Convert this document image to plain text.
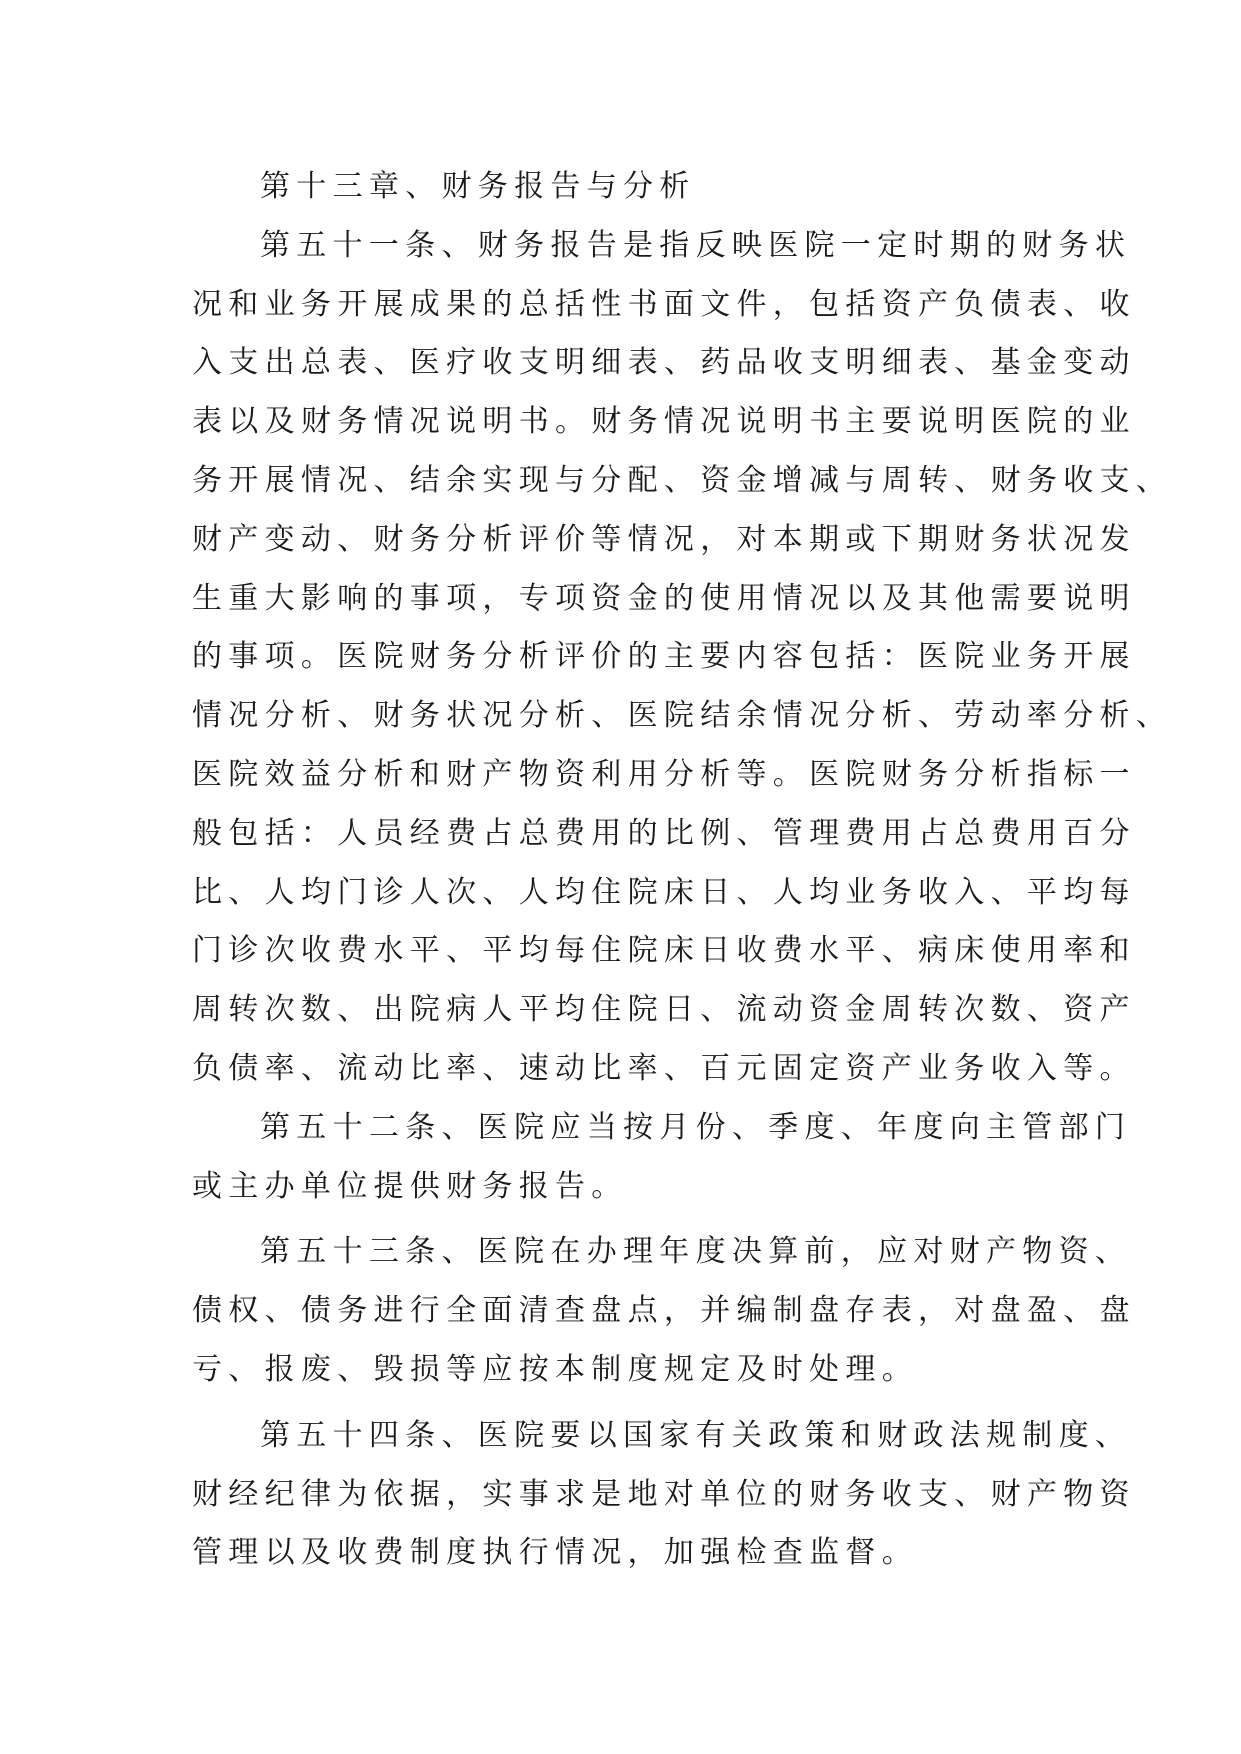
第十三章、财务报告与分析
第五十一条、财务报告是指反映医院一定时期的财务状
况和业务开展成果的总括性书面文件，包括资产负债表、收
入支出总表、医疗收支明细表、药品收支明细表、基金变动
表以及财务情况说明书。财务情况说明书主要说明医院的业
务开展情况、结余实现与分配、资金增减与周转、财务收支、
财产变动、财务分析评价等情况，对本期或下期财务状况发
生重大影响的事项，专项资金的使用情况以及其他需要说明
的事项。医院财务分析评价的主要内容包括：医院业务开展
情况分析、财务状况分析、医院结余情况分析、劳动率分析、
医院效益分析和财产物资利用分析等。医院财务分析指标一
般包括：人员经费占总费用的比例、管理费用占总费用百分
比、人均门诊人次、人均住院床日、人均业务收入、平均每
门诊次收费水平、平均每住院床日收费水平、病床使用率和
周转次数、出院病人平均住院日、流动资金周转次数、资产
负债率、流动比率、速动比率、百元固定资产业务收入等。
第五十二条、医院应当按月份、季度、年度向主管部门
或主办单位提供财务报告。
第五十三条、医院在办理年度决算前，应对财产物资、
债权、债务进行全面清查盘点，并编制盘存表，对盘盈、盘
亏、报废、毁损等应按本制度规定及时处理。
第五十四条、医院要以国家有关政策和财政法规制度、
财经纪律为依据，实事求是地对单位的财务收支、财产物资
管理以及收费制度执行情况，加强检查监督。
